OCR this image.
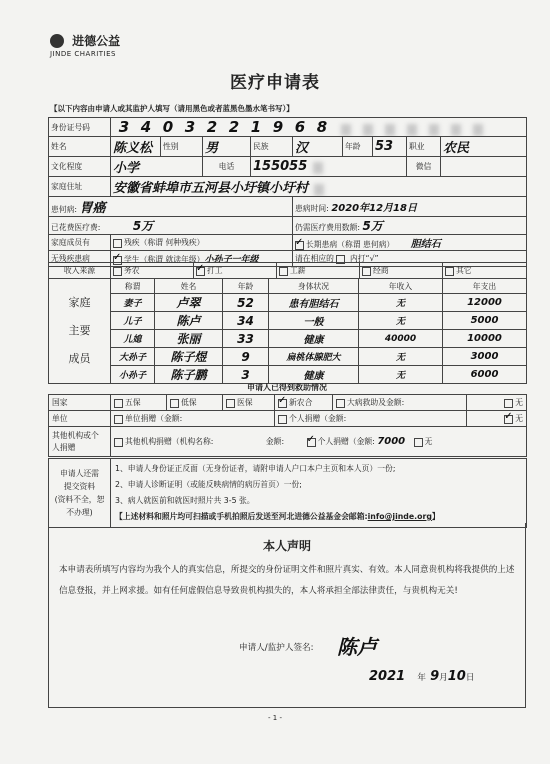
进德公益
JINDE CHARITIES
医疗申请表
【以下内容由申请人或其监护人填写（请用黑色或者蓝黑色墨水笔书写）】
身份证号码	3 4 0 3 2 2 1 9 6 8								
姓名	陈义松	性别	男	民族	汉	年龄	53	职业	农民
文化程度	小学		电话	155055				微信	
家庭住址	安徽省蚌埠市五河县小圩镇小圩村								
患何病: 胃癌					患病时间: 2020年12月18日				
已花费医疗费: 5万					仍需医疗费用数额: 5万				
家庭成员有	残疾（称谓 何种残疾）	✓长期患病（称谓 患何病） 胆结石
无残疾患病	✓学生（称谓 就读年级）小孙子一年级				请在相应的 内打“√”				
收入来源	务农	✓打工	工薪	经商	其它
家庭
主要
成员	称谓	姓名	年龄	身体状况	年收入	年支出
	妻子	卢翠	52	患有胆结石	无	12000
	儿子	陈卢	34	一般	无	5000
	儿媳	张丽	33	健康	40000	10000
	大孙子	陈子煜	9	扁桃体腺肥大	无	3000
	小孙子	陈子鹏	3	健康	无	6000
申请人已得到救助情况
国家	五保	低保	医保	✓新农合	大病救助及金额:	无
单位	单位捐赠（金额:			个人捐赠（金额:	✓无

其他机构或个
人捐赠	其他机构捐赠（机构名称: 金额: ✓ 个人捐赠（金额: 7000 无
申请人还需
提交资料
(资料不全，恕
不办理)

1、申请人身份证正反面（无身份证者，请附申请人户口本户主页和本人页）一份;
2、申请人诊断证明（或能反映病情的病历首页）一份;
3、病人就医前和就医时照片共 3-5 张。
【上述材料和照片均可扫描或手机拍照后发送至河北进德公益基金会邮箱:info@jinde.org】
本人声明
本申请表所填写内容均为我个人的真实信息，所提交的身份证明文件和照片真实、有效。本人同意贵机构将我提供的上述信息登报，并上网求援。如有任何虚假信息导致贵机构损失的，本人将承担全部法律责任，与贵机构无关!
申请人/监护人签名: 陈卢
2021 年 9月10日
- 1 -
